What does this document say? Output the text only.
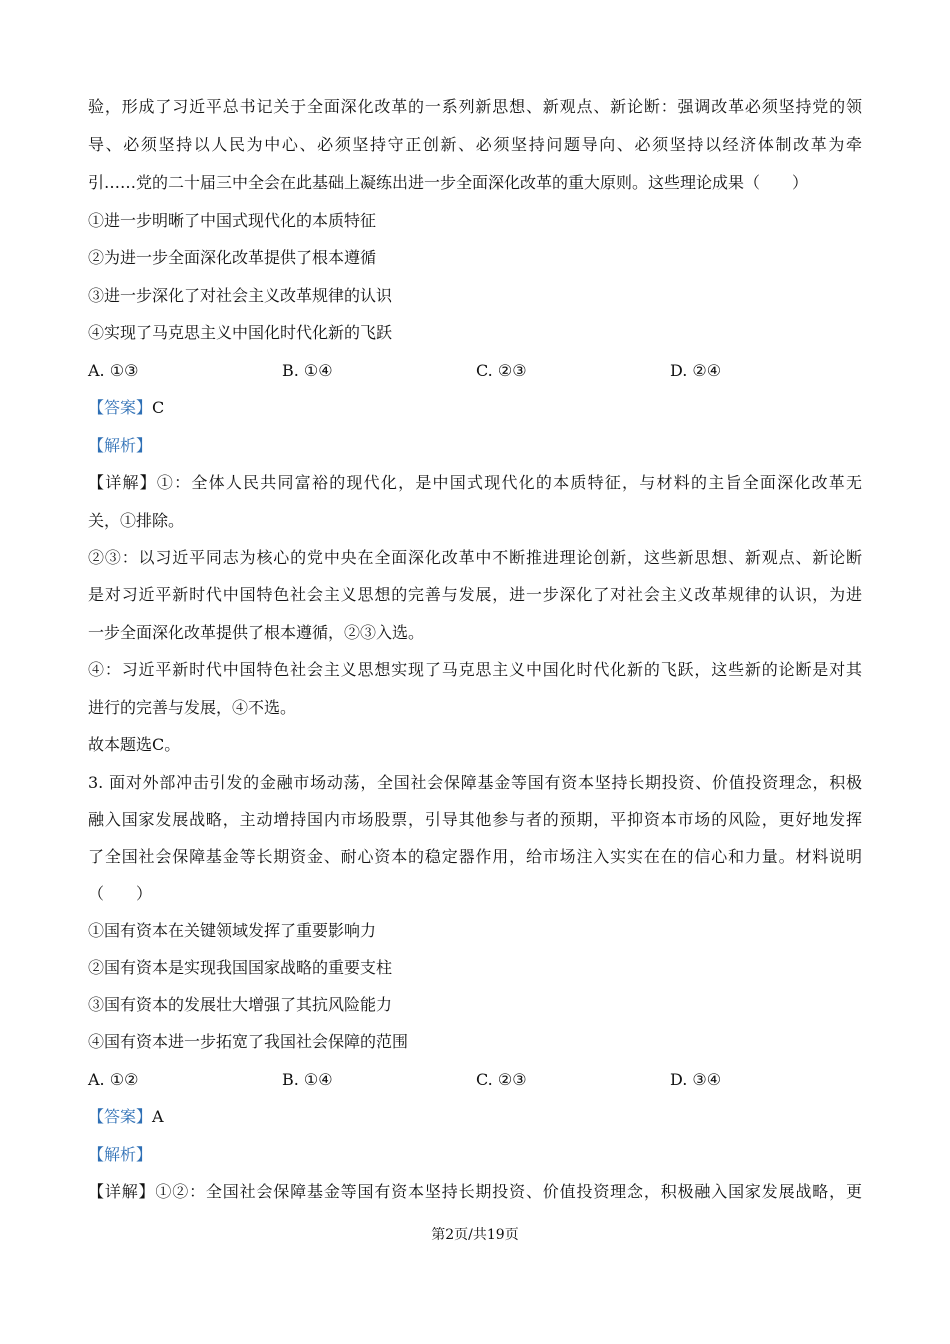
验，形成了习近平总书记关于全面深化改革的一系列新思想、新观点、新论断：强调改革必须坚持党的领
导、必须坚持以人民为中心、必须坚持守正创新、必须坚持问题导向、必须坚持以经济体制改革为牵
引……党的二十届三中全会在此基础上凝练出进一步全面深化改革的重大原则。这些理论成果（　　）
①进一步明晰了中国式现代化的本质特征
②为进一步全面深化改革提供了根本遵循
③进一步深化了对社会主义改革规律的认识
④实现了马克思主义中国化时代化新的飞跃
A. ①③	B. ①④	C. ②③	D. ②④
【答案】C
【解析】
【详解】①：全体人民共同富裕的现代化，是中国式现代化的本质特征，与材料的主旨全面深化改革无
关，①排除。
②③：以习近平同志为核心的党中央在全面深化改革中不断推进理论创新，这些新思想、新观点、新论断
是对习近平新时代中国特色社会主义思想的完善与发展，进一步深化了对社会主义改革规律的认识，为进
一步全面深化改革提供了根本遵循，②③入选。
④：习近平新时代中国特色社会主义思想实现了马克思主义中国化时代化新的飞跃，这些新的论断是对其
进行的完善与发展，④不选。
故本题选C。
3. 面对外部冲击引发的金融市场动荡，全国社会保障基金等国有资本坚持长期投资、价值投资理念，积极
融入国家发展战略，主动增持国内市场股票，引导其他参与者的预期，平抑资本市场的风险，更好地发挥
了全国社会保障基金等长期资金、耐心资本的稳定器作用，给市场注入实实在在的信心和力量。材料说明
（　　）
①国有资本在关键领域发挥了重要影响力
②国有资本是实现我国国家战略的重要支柱
③国有资本的发展壮大增强了其抗风险能力
④国有资本进一步拓宽了我国社会保障的范围
A. ①②	B. ①④	C. ②③	D. ③④
【答案】A
【解析】
【详解】①②：全国社会保障基金等国有资本坚持长期投资、价值投资理念，积极融入国家发展战略，更
第2页/共19页
